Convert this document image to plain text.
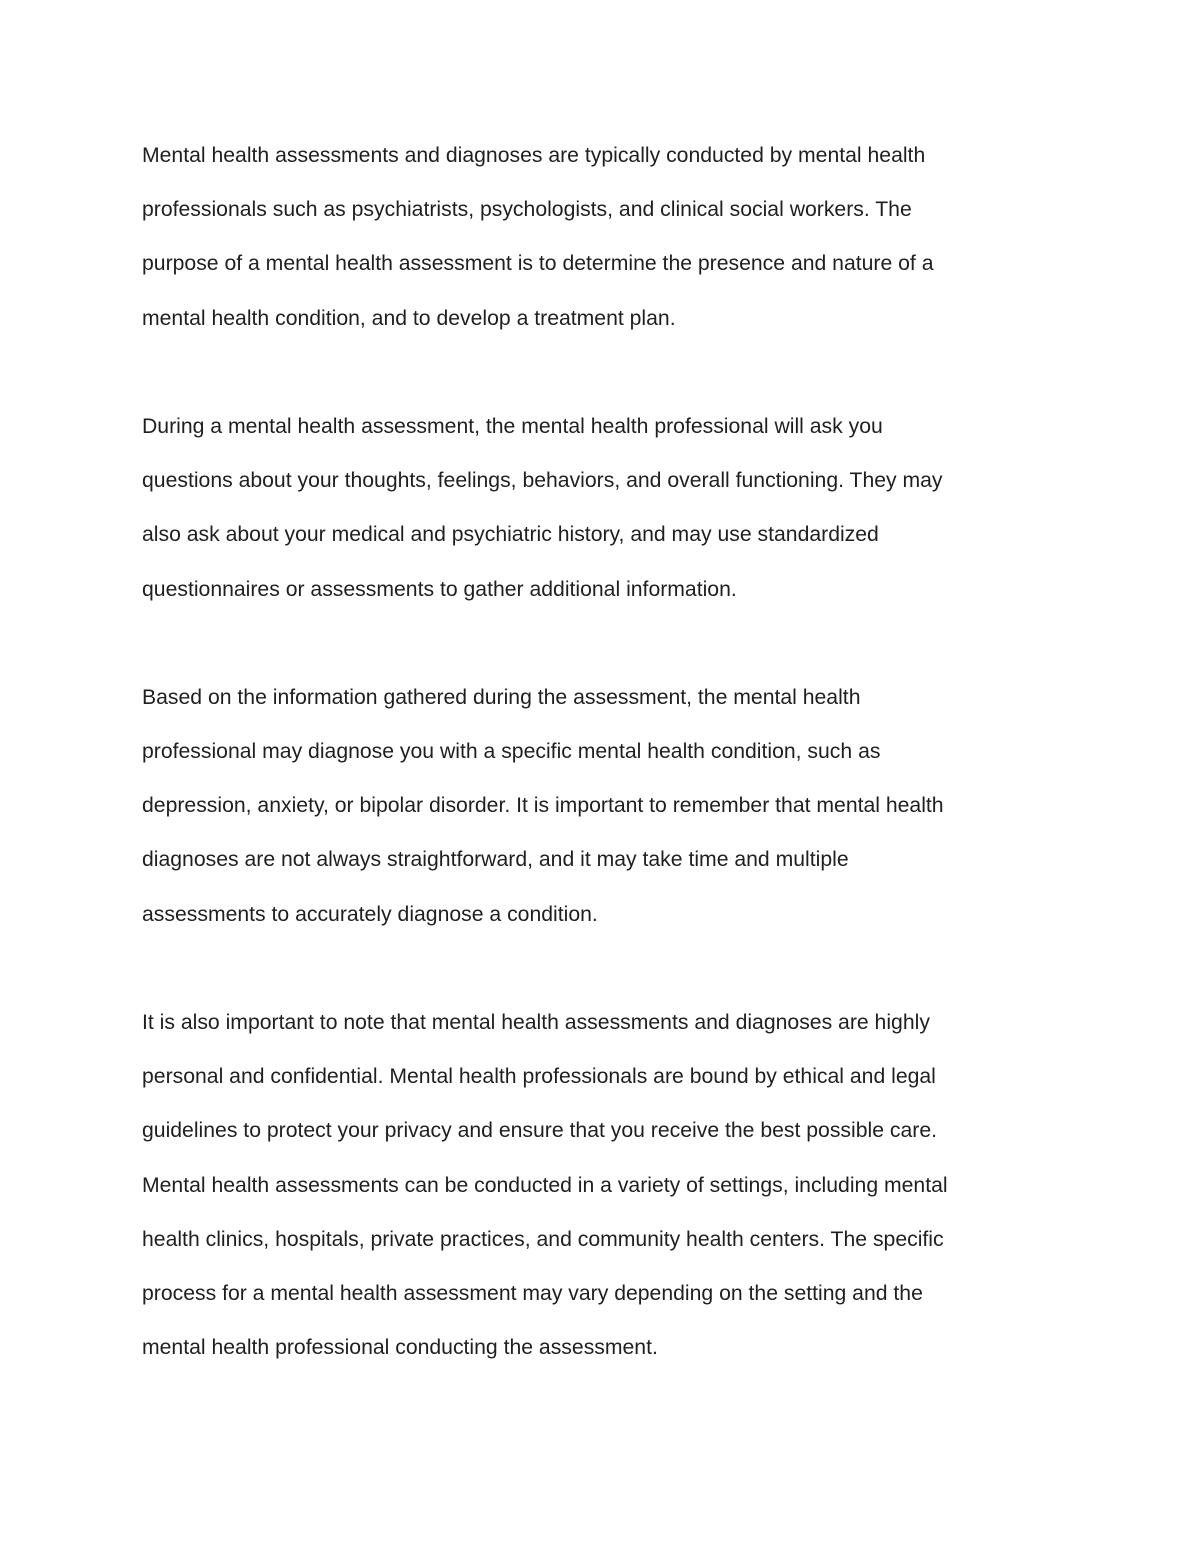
Mental health assessments and diagnoses are typically conducted by mental health
professionals such as psychiatrists, psychologists, and clinical social workers. The
purpose of a mental health assessment is to determine the presence and nature of a
mental health condition, and to develop a treatment plan.
During a mental health assessment, the mental health professional will ask you
questions about your thoughts, feelings, behaviors, and overall functioning. They may
also ask about your medical and psychiatric history, and may use standardized
questionnaires or assessments to gather additional information.
Based on the information gathered during the assessment, the mental health
professional may diagnose you with a specific mental health condition, such as
depression, anxiety, or bipolar disorder. It is important to remember that mental health
diagnoses are not always straightforward, and it may take time and multiple
assessments to accurately diagnose a condition.
It is also important to note that mental health assessments and diagnoses are highly
personal and confidential. Mental health professionals are bound by ethical and legal
guidelines to protect your privacy and ensure that you receive the best possible care.
Mental health assessments can be conducted in a variety of settings, including mental
health clinics, hospitals, private practices, and community health centers. The specific
process for a mental health assessment may vary depending on the setting and the
mental health professional conducting the assessment.
